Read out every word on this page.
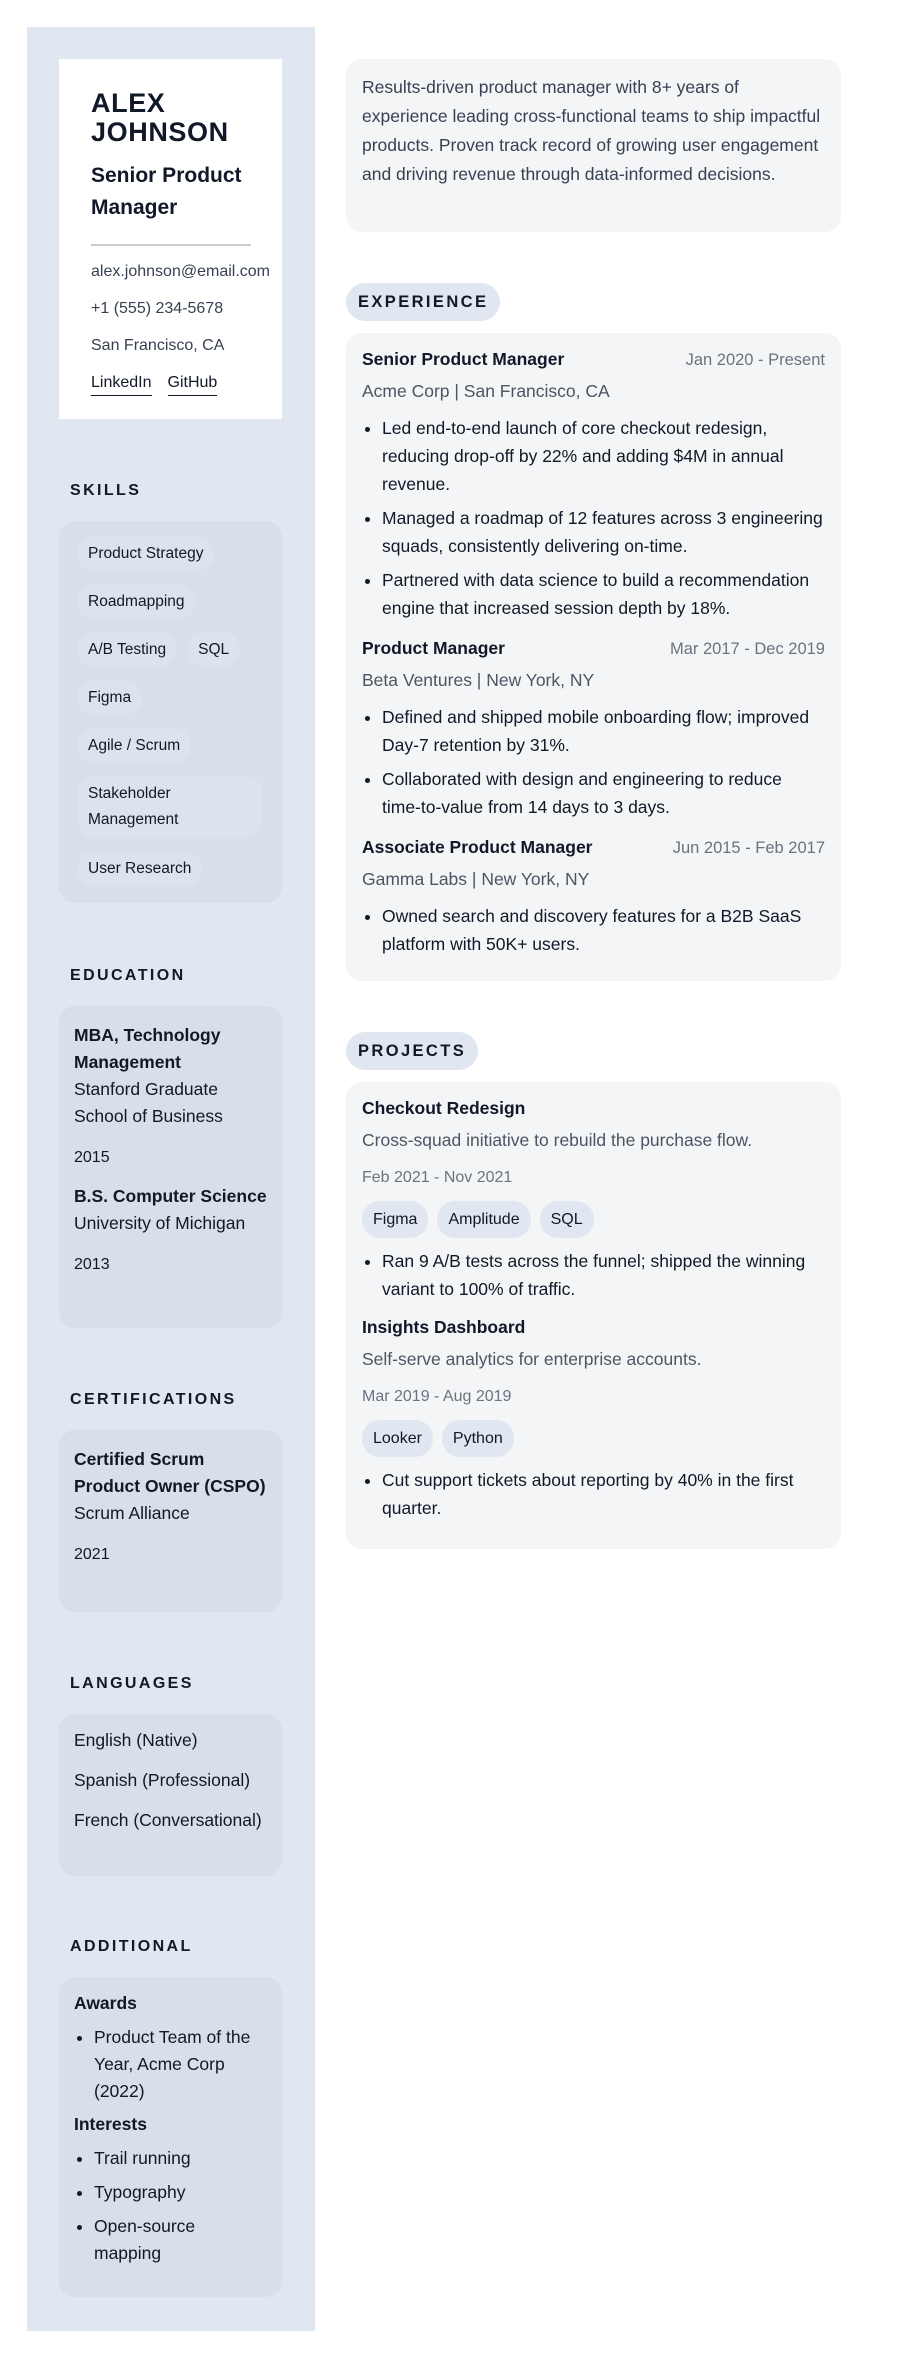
ALEX JOHNSON
Senior Product Manager
alex.johnson@email.com
+1 (555) 234-5678
San Francisco, CA
LinkedIn GitHub
SKILLS
Product Strategy
Roadmapping
A/B Testing	SQL
Figma
Agile / Scrum
Stakeholder Management
User Research
EDUCATION
MBA, Technology Management
Stanford Graduate School of Business
2015
B.S. Computer Science
University of Michigan
2013
CERTIFICATIONS
Certified Scrum Product Owner (CSPO)
Scrum Alliance
2021
LANGUAGES
English (Native)
Spanish (Professional)
French (Conversational)
ADDITIONAL
Awards
• Product Team of the Year, Acme Corp (2022)
Interests
• Trail running
• Typography
• Open-source mapping
Results-driven product manager with 8+ years of experience leading cross-functional teams to ship impactful products. Proven track record of growing user engagement and driving revenue through data-informed decisions.
EXPERIENCE
Senior Product Manager	Jan 2020 - Present
Acme Corp | San Francisco, CA
• Led end-to-end launch of core checkout redesign, reducing drop-off by 22% and adding $4M in annual revenue.
• Managed a roadmap of 12 features across 3 engineering squads, consistently delivering on-time.
• Partnered with data science to build a recommendation engine that increased session depth by 18%.
Product Manager	Mar 2017 - Dec 2019
Beta Ventures | New York, NY
• Defined and shipped mobile onboarding flow; improved Day-7 retention by 31%.
• Collaborated with design and engineering to reduce time-to-value from 14 days to 3 days.
Associate Product Manager	Jun 2015 - Feb 2017
Gamma Labs | New York, NY
• Owned search and discovery features for a B2B SaaS platform with 50K+ users.
PROJECTS
Checkout Redesign
Cross-squad initiative to rebuild the purchase flow.
Feb 2021 - Nov 2021
Figma	Amplitude	SQL
• Ran 9 A/B tests across the funnel; shipped the winning variant to 100% of traffic.
Insights Dashboard
Self-serve analytics for enterprise accounts.
Mar 2019 - Aug 2019
Looker	Python
• Cut support tickets about reporting by 40% in the first quarter.
